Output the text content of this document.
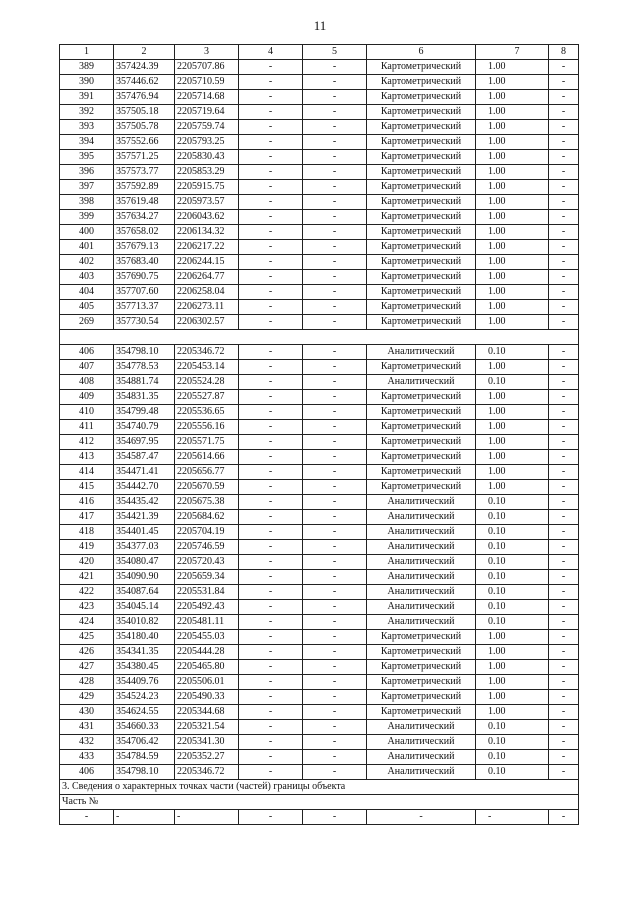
11
1	2	3	4	5	6	7	8
389	357424.39	2205707.86	-	-	Картометрический	1.00	-
390	357446.62	2205710.59	-	-	Картометрический	1.00	-
391	357476.94	2205714.68	-	-	Картометрический	1.00	-
392	357505.18	2205719.64	-	-	Картометрический	1.00	-
393	357505.78	2205759.74	-	-	Картометрический	1.00	-
394	357552.66	2205793.25	-	-	Картометрический	1.00	-
395	357571.25	2205830.43	-	-	Картометрический	1.00	-
396	357573.77	2205853.29	-	-	Картометрический	1.00	-
397	357592.89	2205915.75	-	-	Картометрический	1.00	-
398	357619.48	2205973.57	-	-	Картометрический	1.00	-
399	357634.27	2206043.62	-	-	Картометрический	1.00	-
400	357658.02	2206134.32	-	-	Картометрический	1.00	-
401	357679.13	2206217.22	-	-	Картометрический	1.00	-
402	357683.40	2206244.15	-	-	Картометрический	1.00	-
403	357690.75	2206264.77	-	-	Картометрический	1.00	-
404	357707.60	2206258.04	-	-	Картометрический	1.00	-
405	357713.37	2206273.11	-	-	Картометрический	1.00	-
269	357730.54	2206302.57	-	-	Картометрический	1.00	-

406	354798.10	2205346.72	-	-	Аналитический	0.10	-
407	354778.53	2205453.14	-	-	Картометрический	1.00	-
408	354881.74	2205524.28	-	-	Аналитический	0.10	-
409	354831.35	2205527.87	-	-	Картометрический	1.00	-
410	354799.48	2205536.65	-	-	Картометрический	1.00	-
411	354740.79	2205556.16	-	-	Картометрический	1.00	-
412	354697.95	2205571.75	-	-	Картометрический	1.00	-
413	354587.47	2205614.66	-	-	Картометрический	1.00	-
414	354471.41	2205656.77	-	-	Картометрический	1.00	-
415	354442.70	2205670.59	-	-	Картометрический	1.00	-
416	354435.42	2205675.38	-	-	Аналитический	0.10	-
417	354421.39	2205684.62	-	-	Аналитический	0.10	-
418	354401.45	2205704.19	-	-	Аналитический	0.10	-
419	354377.03	2205746.59	-	-	Аналитический	0.10	-
420	354080.47	2205720.43	-	-	Аналитический	0.10	-
421	354090.90	2205659.34	-	-	Аналитический	0.10	-
422	354087.64	2205531.84	-	-	Аналитический	0.10	-
423	354045.14	2205492.43	-	-	Аналитический	0.10	-
424	354010.82	2205481.11	-	-	Аналитический	0.10	-
425	354180.40	2205455.03	-	-	Картометрический	1.00	-
426	354341.35	2205444.28	-	-	Картометрический	1.00	-
427	354380.45	2205465.80	-	-	Картометрический	1.00	-
428	354409.76	2205506.01	-	-	Картометрический	1.00	-
429	354524.23	2205490.33	-	-	Картометрический	1.00	-
430	354624.55	2205344.68	-	-	Картометрический	1.00	-
431	354660.33	2205321.54	-	-	Аналитический	0.10	-
432	354706.42	2205341.30	-	-	Аналитический	0.10	-
433	354784.59	2205352.27	-	-	Аналитический	0.10	-
406	354798.10	2205346.72	-	-	Аналитический	0.10	-
3. Сведения о характерных точках части (частей) границы объекта							
Часть №							
-	-	-	-	-	-	-	-
